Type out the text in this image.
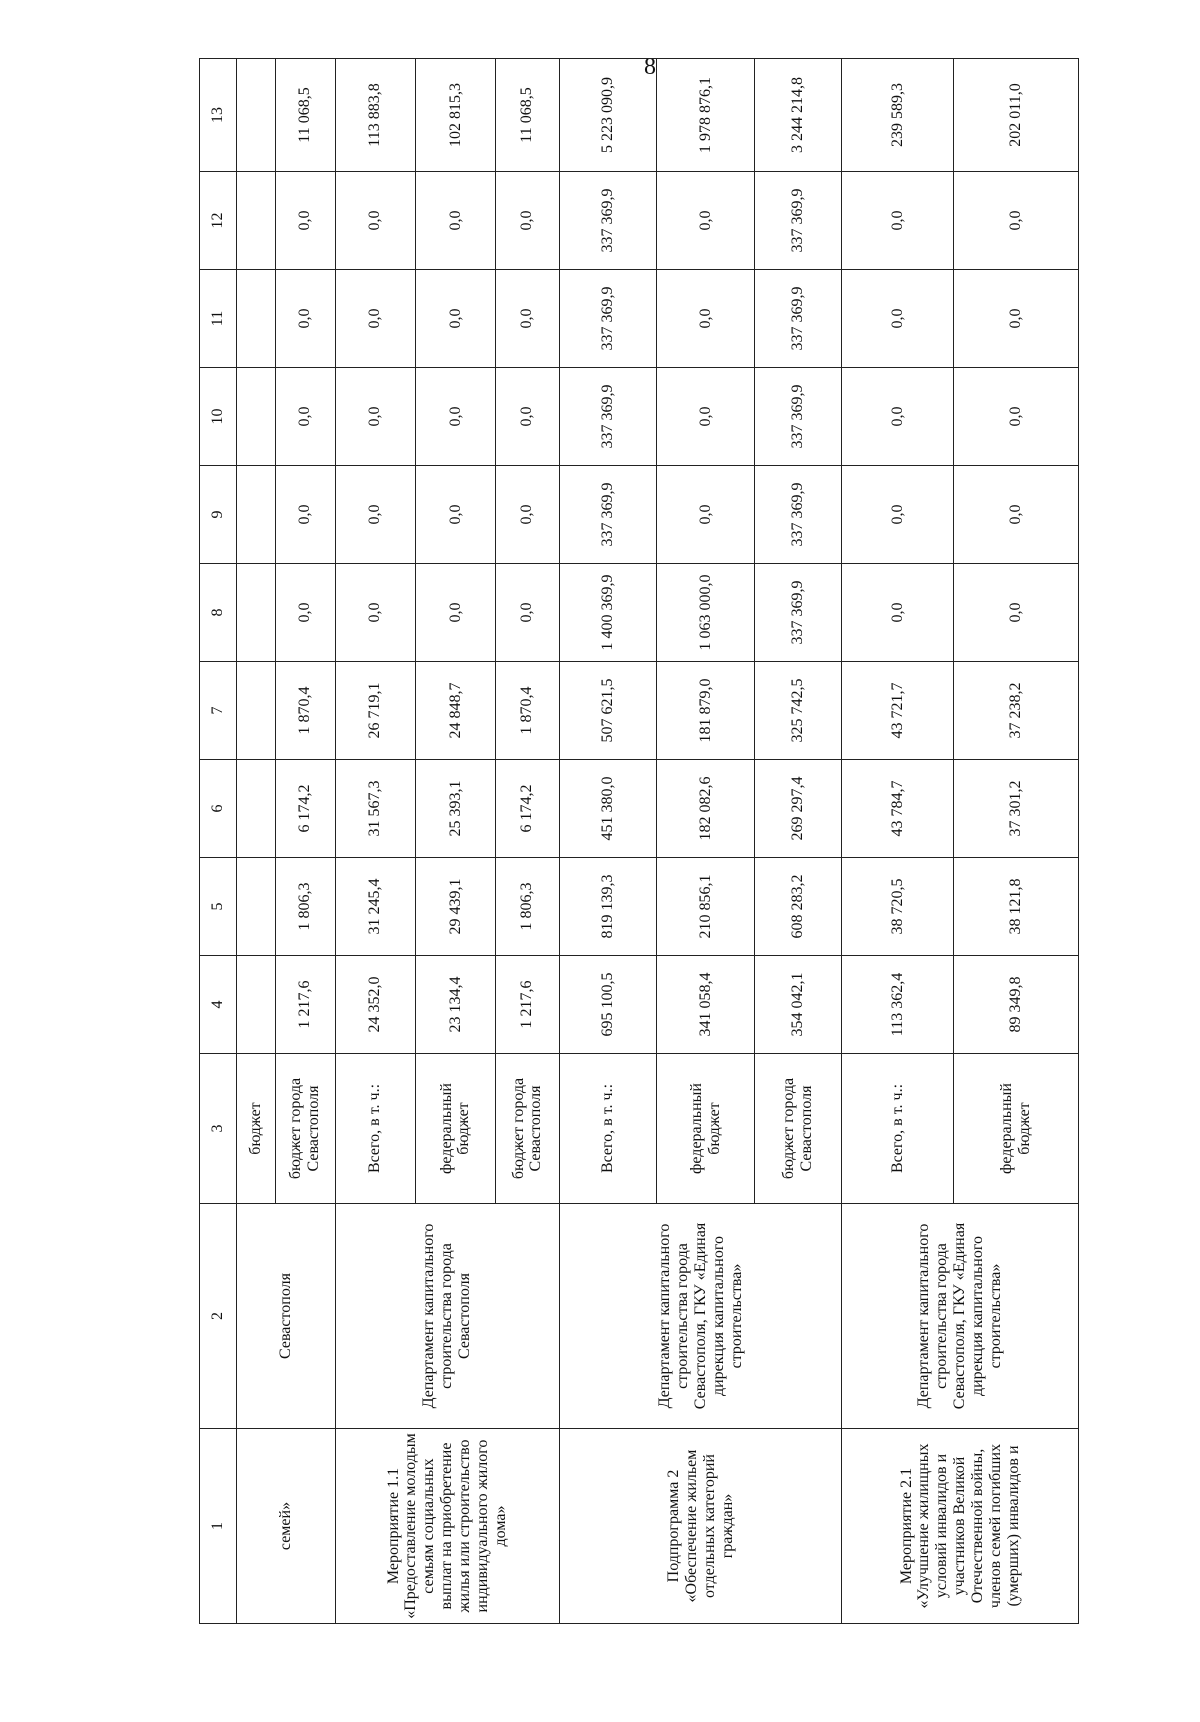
8
1	2	3	4	5	6	7	8	9	10	11	12	13
семей»	Севастополя	бюджет										
		бюджет города Севастополя	1 217,6	1 806,3	6 174,2	1 870,4	0,0	0,0	0,0	0,0	0,0	11 068,5
Мероприятие 1.1 «Предоставление молодым семьям социальных выплат на приобретение жилья или строительство индивидуального жилого дома»	Департамент капитального строительства города Севастополя	Всего, в т. ч.:	24 352,0	31 245,4	31 567,3	26 719,1	0,0	0,0	0,0	0,0	0,0	113 883,8
		федеральный бюджет	23 134,4	29 439,1	25 393,1	24 848,7	0,0	0,0	0,0	0,0	0,0	102 815,3
		бюджет города Севастополя	1 217,6	1 806,3	6 174,2	1 870,4	0,0	0,0	0,0	0,0	0,0	11 068,5
Подпрограмма 2 «Обеспечение жильем отдельных категорий граждан»	Департамент капитального строительства города Севастополя, ГКУ «Единая дирекция капитального строительства»	Всего, в т. ч.:	695 100,5	819 139,3	451 380,0	507 621,5	1 400 369,9	337 369,9	337 369,9	337 369,9	337 369,9	5 223 090,9
		федеральный бюджет	341 058,4	210 856,1	182 082,6	181 879,0	1 063 000,0	0,0	0,0	0,0	0,0	1 978 876,1
		бюджет города Севастополя	354 042,1	608 283,2	269 297,4	325 742,5	337 369,9	337 369,9	337 369,9	337 369,9	337 369,9	3 244 214,8
Мероприятие 2.1 «Улучшение жилищных условий инвалидов и участников Великой Отечественной войны, членов семей погибших (умерших) инвалидов и	Департамент капитального строительства города Севастополя, ГКУ «Единая дирекция капитального строительства»	Всего, в т. ч.:	113 362,4	38 720,5	43 784,7	43 721,7	0,0	0,0	0,0	0,0	0,0	239 589,3
		федеральный бюджет	89 349,8	38 121,8	37 301,2	37 238,2	0,0	0,0	0,0	0,0	0,0	202 011,0
